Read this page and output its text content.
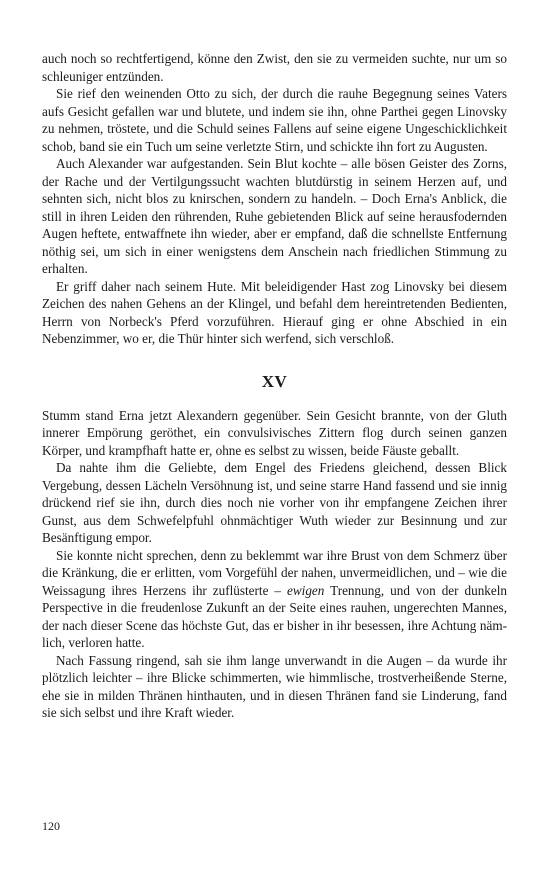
auch noch so rechtfertigend, könne den Zwist, den sie zu vermeiden suchte, nur um so schleuniger entzünden.

Sie rief den weinenden Otto zu sich, der durch die rauhe Begegnung seines Vaters aufs Gesicht gefallen war und blutete, und indem sie ihn, ohne Parthei gegen Linovsky zu nehmen, tröstete, und die Schuld seines Fallens auf seine eigene Ungeschicklichkeit schob, band sie ein Tuch um seine verletzte Stirn, und schickte ihn fort zu Augusten.

Auch Alexander war aufgestanden. Sein Blut kochte – alle bösen Geister des Zorns, der Rache und der Vertilgungssucht wachten blutdürstig in seinem Herzen auf, und sehnten sich, nicht blos zu knirschen, sondern zu handeln. – Doch Erna's Anblick, die still in ihren Leiden den rührenden, Ruhe gebietenden Blick auf seine herausfodernden Augen heftete, entwaffnete ihn wieder, aber er empfand, daß die schnellste Entfernung nöthig sei, um sich in einer wenigstens dem Anschein nach friedlichen Stimmung zu erhalten.

Er griff daher nach seinem Hute. Mit beleidigender Hast zog Linovsky bei diesem Zeichen des nahen Gehens an der Klingel, und befahl dem hereintretenden Bedienten, Herrn von Norbeck's Pferd vorzuführen. Hierauf ging er ohne Abschied in ein Nebenzimmer, wo er, die Thür hinter sich werfend, sich verschloß.

XV

Stumm stand Erna jetzt Alexandern gegenüber. Sein Gesicht brannte, von der Gluth innerer Empörung geröthet, ein convulsivisches Zittern flog durch seinen ganzen Körper, und krampfhaft hatte er, ohne es selbst zu wissen, beide Fäuste geballt.

Da nahte ihm die Geliebte, dem Engel des Friedens gleichend, dessen Blick Vergebung, dessen Lächeln Versöhnung ist, und seine starre Hand fassend und sie innig drückend rief sie ihn, durch dies noch nie vorher von ihr empfangene Zeichen ihrer Gunst, aus dem Schwefelpfuhl ohnmächtiger Wuth wieder zur Besinnung und zur Besänftigung empor.

Sie konnte nicht sprechen, denn zu beklemmt war ihre Brust von dem Schmerz über die Kränkung, die er erlitten, vom Vorgefühl der nahen, unvermeidlichen, und – wie die Weissagung ihres Herzens ihr zuflüsterte – ewigen Trennung, und von der dunkeln Perspective in die freudenlose Zukunft an der Seite eines rauhen, ungerechten Mannes, der nach dieser Scene das höchste Gut, das er bisher in ihr besessen, ihre Achtung nämlich, verloren hatte.

Nach Fassung ringend, sah sie ihm lange unverwandt in die Augen – da wurde ihr plötzlich leichter – ihre Blicke schimmerten, wie himmlische, trostverheißende Sterne, ehe sie in milden Thränen hinthauten, und in diesen Thränen fand sie Linderung, fand sie sich selbst und ihre Kraft wieder.

120
